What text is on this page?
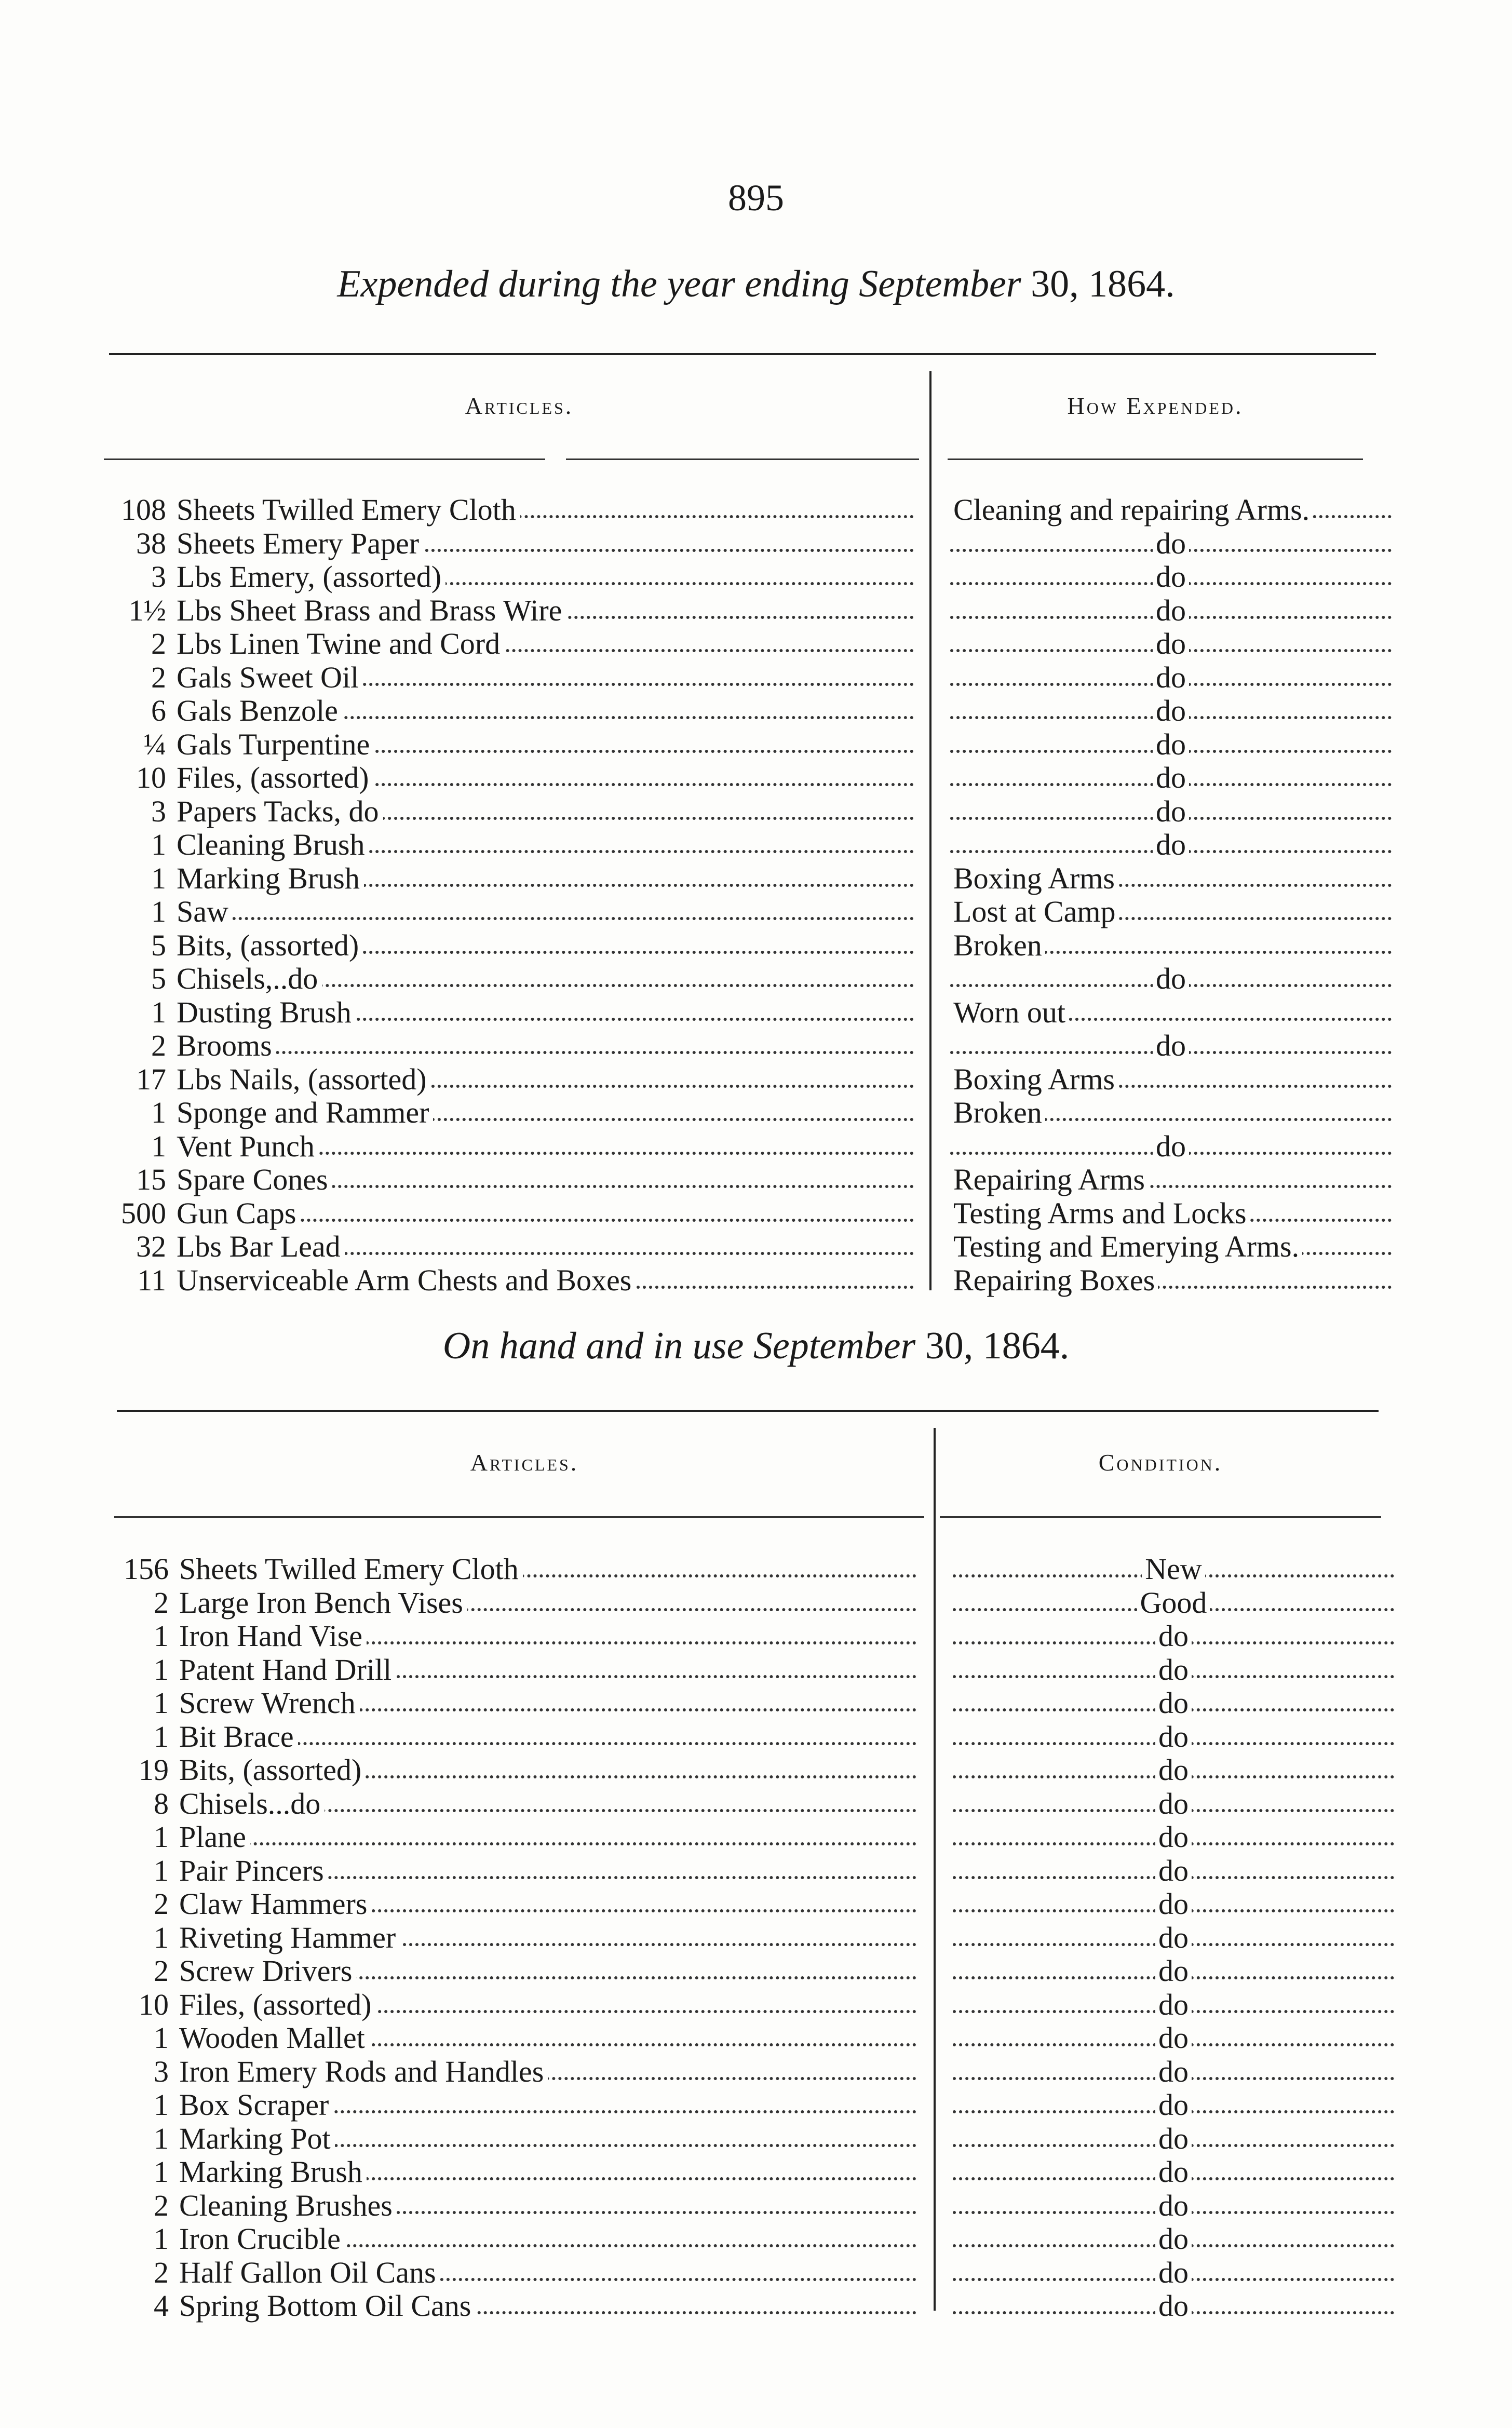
895
Expended during the year ending September 30, 1864.
Articles.	How Expended.
108 Sheets Twilled Emery Cloth	Cleaning and repairing Arms.
38 Sheets Emery Paper	do
3 Lbs Emery, (assorted)	do
1½ Lbs Sheet Brass and Brass Wire	do
2 Lbs Linen Twine and Cord	do
2 Gals Sweet Oil	do
6 Gals Benzole	do
¼ Gals Turpentine	do
10 Files, (assorted)	do
3 Papers Tacks, do	do
1 Cleaning Brush	do
1 Marking Brush	Boxing Arms
1 Saw	Lost at Camp
5 Bits, (assorted)	Broken
5 Chisels,..do	do
1 Dusting Brush	Worn out
2 Brooms	do
17 Lbs Nails, (assorted)	Boxing Arms
1 Sponge and Rammer	Broken
1 Vent Punch	do
15 Spare Cones	Repairing Arms
500 Gun Caps	Testing Arms and Locks
32 Lbs Bar Lead	Testing and Emerying Arms.
11 Unserviceable Arm Chests and Boxes	Repairing Boxes
On hand and in use September 30, 1864.
Articles.	Condition.
156 Sheets Twilled Emery Cloth	New
2 Large Iron Bench Vises	Good
1 Iron Hand Vise	do
1 Patent Hand Drill	do
1 Screw Wrench	do
1 Bit Brace	do
19 Bits, (assorted)	do
8 Chisels...do	do
1 Plane	do
1 Pair Pincers	do
2 Claw Hammers	do
1 Riveting Hammer	do
2 Screw Drivers	do
10 Files, (assorted)	do
1 Wooden Mallet	do
3 Iron Emery Rods and Handles	do
1 Box Scraper	do
1 Marking Pot	do
1 Marking Brush	do
2 Cleaning Brushes	do
1 Iron Crucible	do
2 Half Gallon Oil Cans	do
4 Spring Bottom Oil Cans	do
